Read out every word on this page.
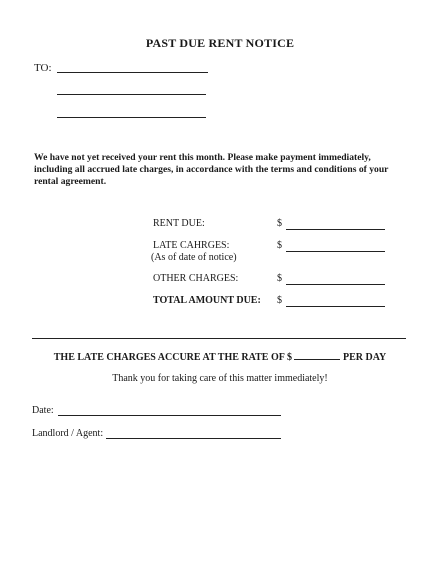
PAST DUE RENT NOTICE
TO:
We have not yet received your rent this month. Please make payment immediately, including all accrued late charges, in accordance with the terms and conditions of your rental agreement.
RENT DUE:	$
LATE CAHRGES:	$
(As of date of notice)
OTHER CHARGES:	$
TOTAL AMOUNT DUE: $
THE LATE CHARGES ACCURE AT THE RATE OF $	PER DAY
Thank you for taking care of this matter immediately!
Date:
Landlord / Agent:
